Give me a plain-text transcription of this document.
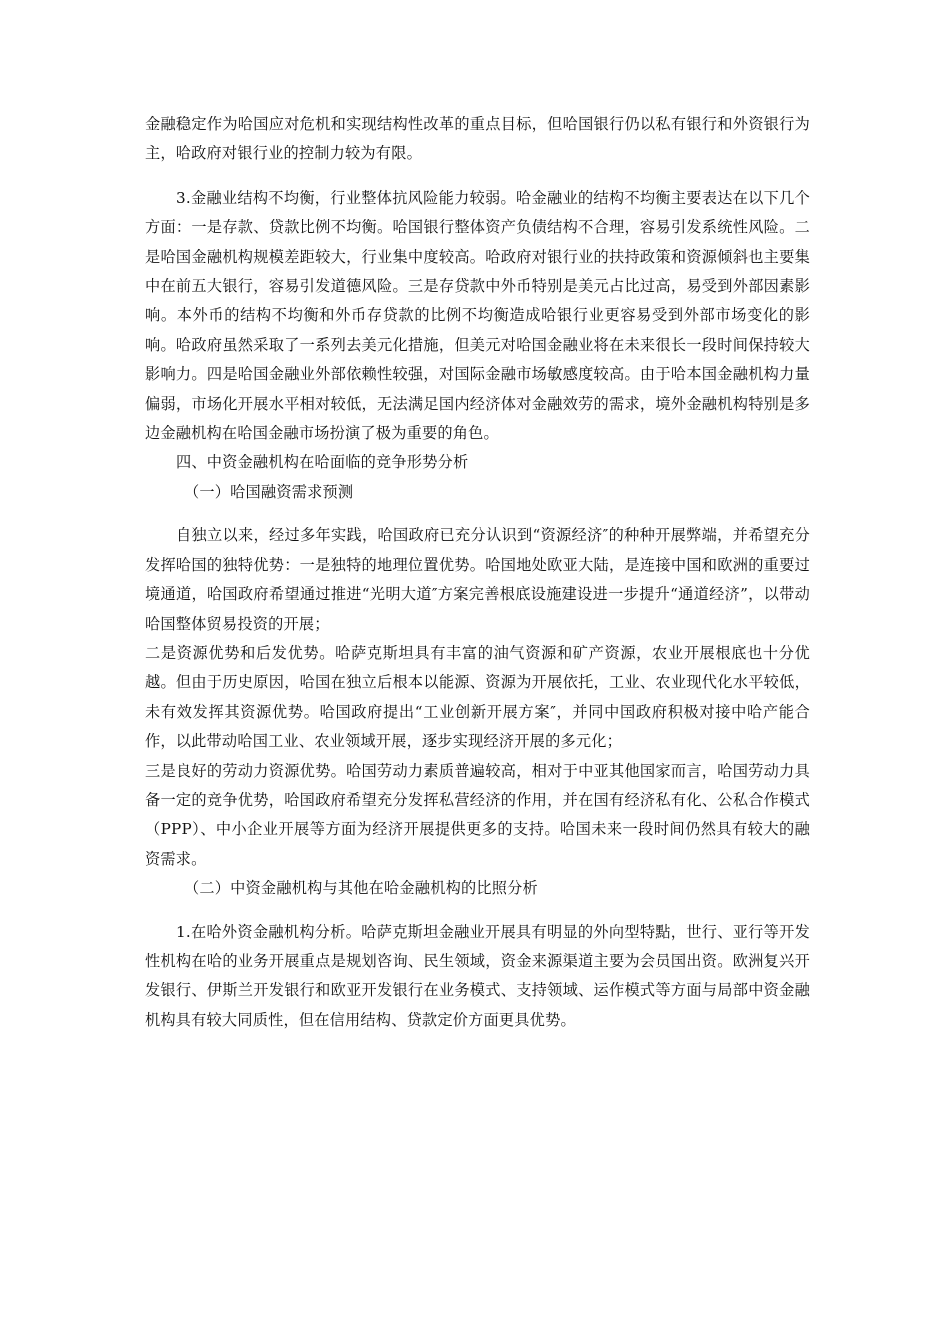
金融稳定作为哈国应对危机和实现结构性改革的重点目标，但哈国银行仍以私有银行和外资银行为主，哈政府对银行业的控制力较为有限。

3.金融业结构不均衡，行业整体抗风险能力较弱。哈金融业的结构不均衡主要表达在以下几个方面：一是存款、贷款比例不均衡。哈国银行整体资产负债结构不合理，容易引发系统性风险。二是哈国金融机构规模差距较大，行业集中度较高。哈政府对银行业的扶持政策和资源倾斜也主要集中在前五大银行，容易引发道德风险。三是存贷款中外币特别是美元占比过高，易受到外部因素影响。本外币的结构不均衡和外币存贷款的比例不均衡造成哈银行业更容易受到外部市场变化的影响。哈政府虽然采取了一系列去美元化措施，但美元对哈国金融业将在未来很长一段时间保持较大影响力。四是哈国金融业外部依赖性较强，对国际金融市场敏感度较高。由于哈本国金融机构力量偏弱，市场化开展水平相对较低，无法满足国内经济体对金融效劳的需求，境外金融机构特别是多边金融机构在哈国金融市场扮演了极为重要的角色。

四、中资金融机构在哈面临的竞争形势分析

（一）哈国融资需求预测

自独立以来，经过多年实践，哈国政府已充分认识到“资源经济″的种种开展弊端，并希望充分发挥哈国的独特优势：一是独特的地理位置优势。哈国地处欧亚大陆，是连接中国和欧洲的重要过境通道，哈国政府希望通过推进“光明大道″方案完善根底设施建设进一步提升“通道经济”，以带动哈国整体贸易投资的开展；

二是资源优势和后发优势。哈萨克斯坦具有丰富的油气资源和矿产资源，农业开展根底也十分优越。但由于历史原因，哈国在独立后根本以能源、资源为开展依托，工业、农业现代化水平较低，未有效发挥其资源优势。哈国政府提出“工业创新开展方案″，并同中国政府积极对接中哈产能合作，以此带动哈国工业、农业领域开展，逐步实现经济开展的多元化；

三是良好的劳动力资源优势。哈国劳动力素质普遍较高，相对于中亚其他国家而言，哈国劳动力具备一定的竞争优势，哈国政府希望充分发挥私营经济的作用，并在国有经济私有化、公私合作模式（PPP）、中小企业开展等方面为经济开展提供更多的支持。哈国未来一段时间仍然具有较大的融资需求。

（二）中资金融机构与其他在哈金融机构的比照分析

1.在哈外资金融机构分析。哈萨克斯坦金融业开展具有明显的外向型特點，世行、亚行等开发性机构在哈的业务开展重点是规划咨询、民生领域，资金来源渠道主要为会员国出资。欧洲复兴开发银行、伊斯兰开发银行和欧亚开发银行在业务模式、支持领域、运作模式等方面与局部中资金融机构具有较大同质性，但在信用结构、贷款定价方面更具优势。
